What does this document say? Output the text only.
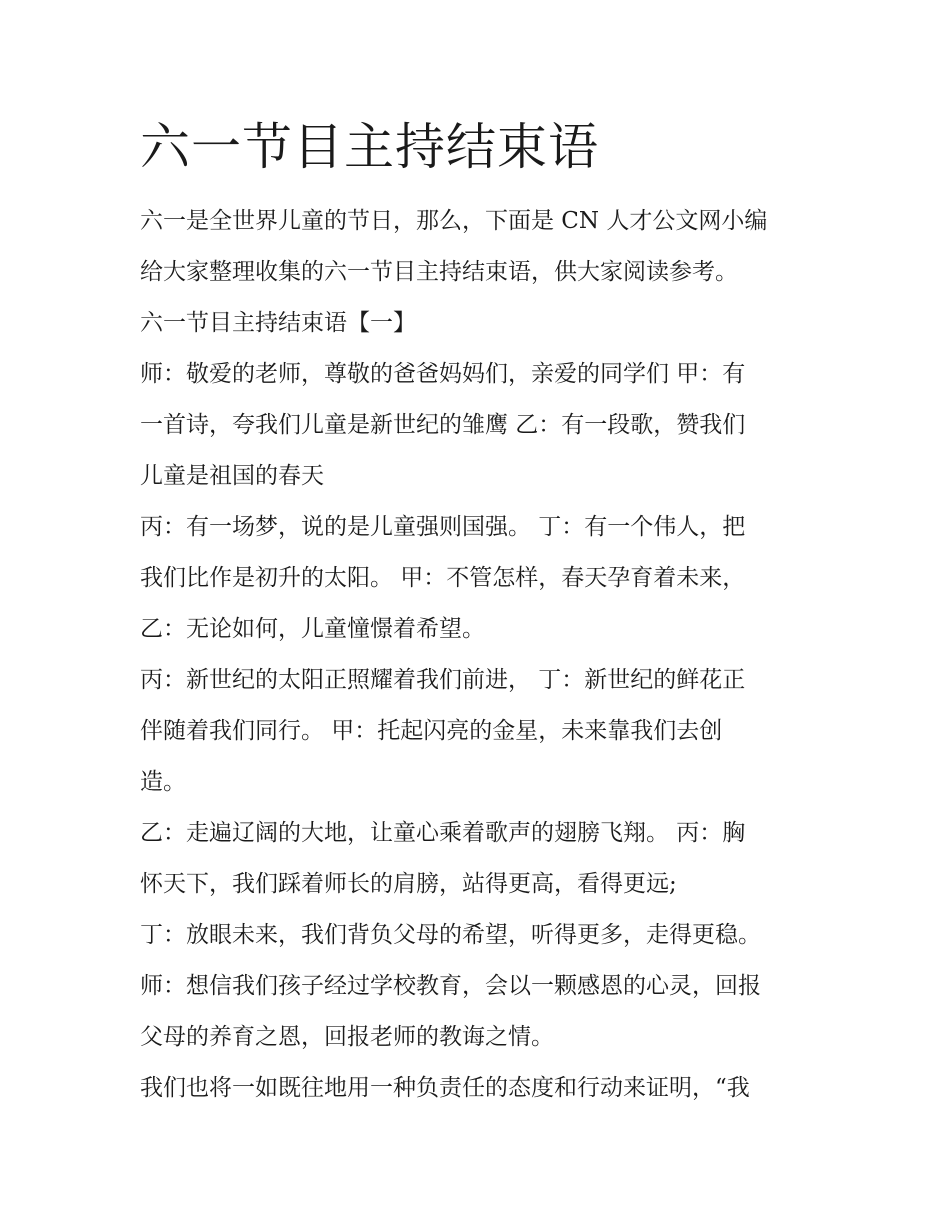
六一节目主持结束语

六一是全世界儿童的节日，那么，下面是 CN 人才公文网小编

给大家整理收集的六一节目主持结束语，供大家阅读参考。

六一节目主持结束语【一】

师：敬爱的老师，尊敬的爸爸妈妈们，亲爱的同学们 甲：有

一首诗，夸我们儿童是新世纪的雏鹰 乙：有一段歌，赞我们

儿童是祖国的春天

丙：有一场梦，说的是儿童强则国强。 丁：有一个伟人，把

我们比作是初升的太阳。 甲：不管怎样，春天孕育着未来，

乙：无论如何，儿童憧憬着希望。

丙：新世纪的太阳正照耀着我们前进， 丁：新世纪的鲜花正

伴随着我们同行。 甲：托起闪亮的金星，未来靠我们去创

造。

乙：走遍辽阔的大地，让童心乘着歌声的翅膀飞翔。 丙：胸

怀天下，我们踩着师长的肩膀，站得更高，看得更远;

丁：放眼未来，我们背负父母的希望，听得更多，走得更稳。

师：想信我们孩子经过学校教育，会以一颗感恩的心灵，回报

父母的养育之恩，回报老师的教诲之情。

我们也将一如既往地用一种负责任的态度和行动来证明，“我
